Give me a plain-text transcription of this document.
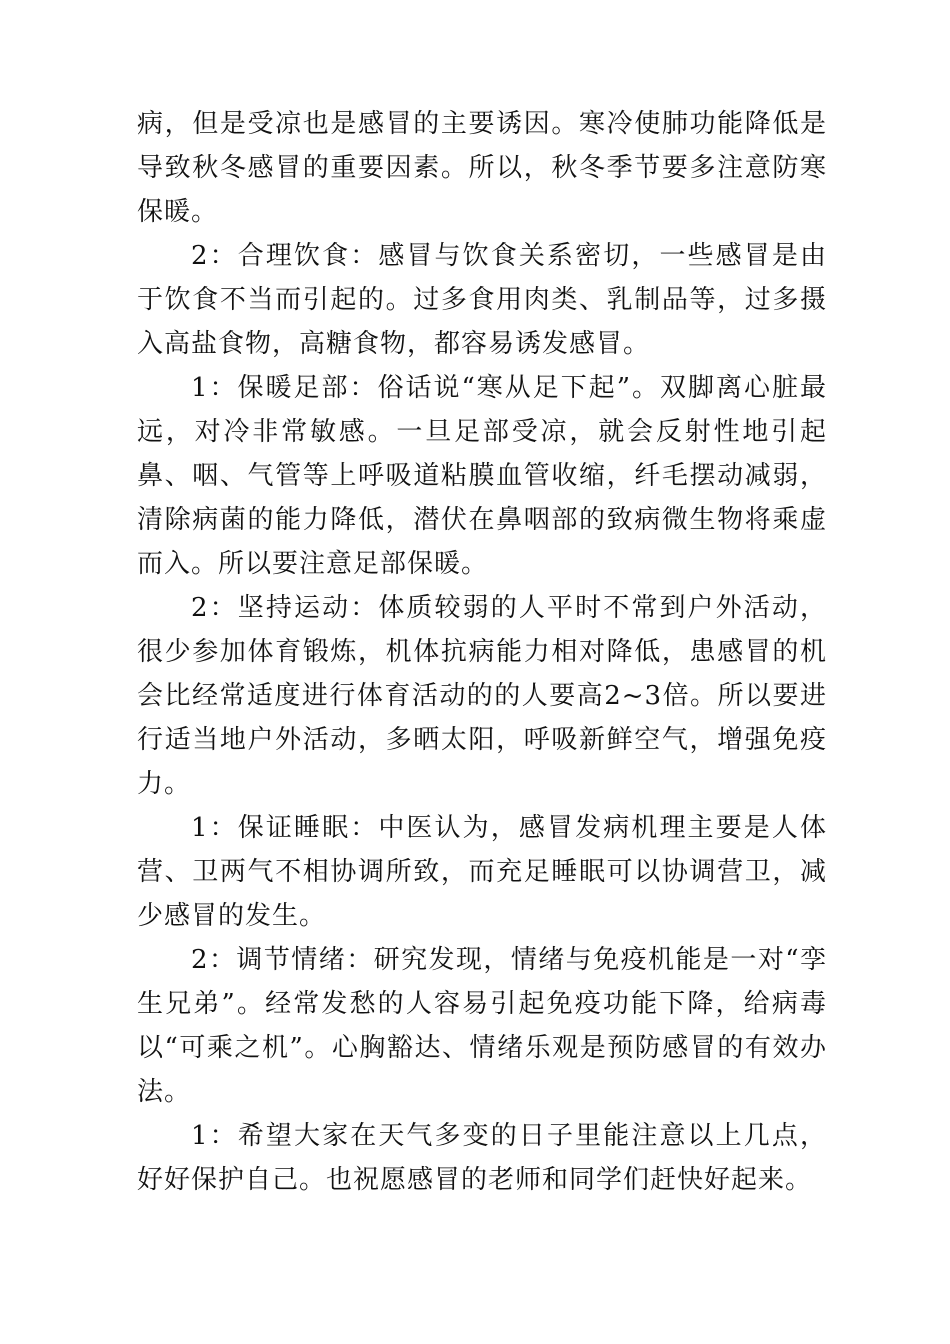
病，但是受凉也是感冒的主要诱因。寒冷使肺功能降低是导致秋冬感冒的重要因素。所以，秋冬季节要多注意防寒保暖。

2：合理饮食：感冒与饮食关系密切，一些感冒是由于饮食不当而引起的。过多食用肉类、乳制品等，过多摄入高盐食物，高糖食物，都容易诱发感冒。

1：保暖足部：俗话说“寒从足下起”。双脚离心脏最远，对冷非常敏感。一旦足部受凉，就会反射性地引起鼻、咽、气管等上呼吸道粘膜血管收缩，纤毛摆动减弱，清除病菌的能力降低，潜伏在鼻咽部的致病微生物将乘虚而入。所以要注意足部保暖。

2：坚持运动：体质较弱的人平时不常到户外活动，很少参加体育锻炼，机体抗病能力相对降低，患感冒的机会比经常适度进行体育活动的的人要高2~3倍。所以要进行适当地户外活动，多晒太阳，呼吸新鲜空气，增强免疫力。

1：保证睡眠：中医认为，感冒发病机理主要是人体营、卫两气不相协调所致，而充足睡眠可以协调营卫，减少感冒的发生。

2：调节情绪：研究发现，情绪与免疫机能是一对“孪生兄弟”。经常发愁的人容易引起免疫功能下降，给病毒以“可乘之机”。心胸豁达、情绪乐观是预防感冒的有效办法。

1：希望大家在天气多变的日子里能注意以上几点，好好保护自己。也祝愿感冒的老师和同学们赶快好起来。
